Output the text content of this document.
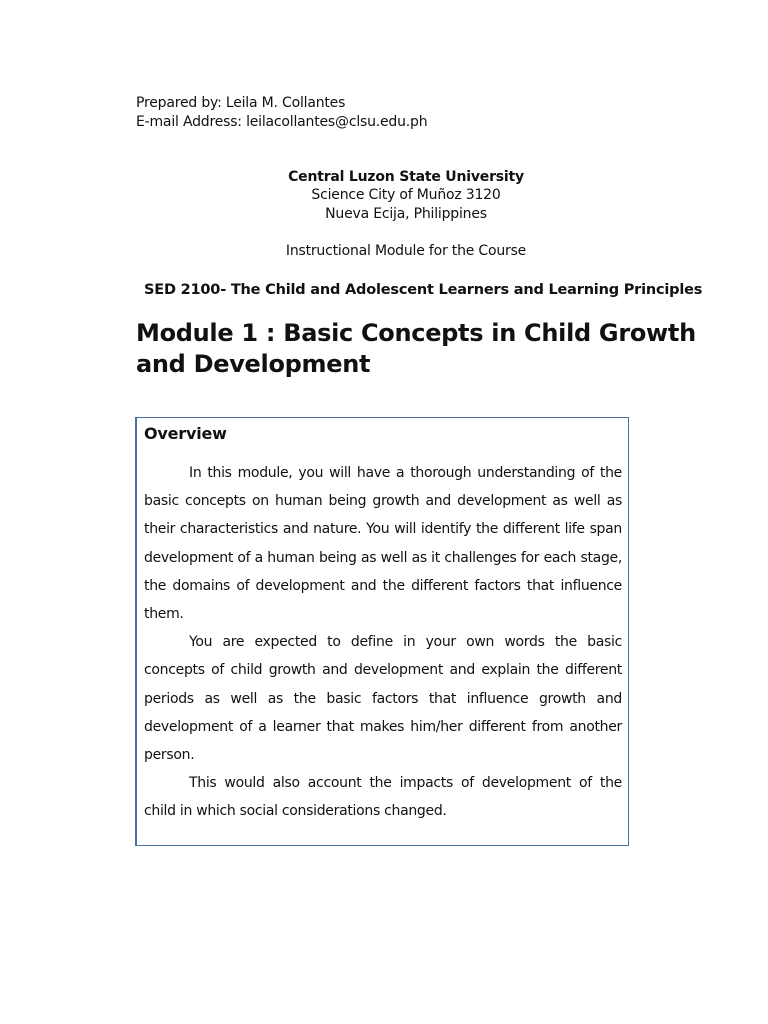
Prepared by: Leila M. Collantes
E-mail Address: leilacollantes@clsu.edu.ph
Central Luzon State University
Science City of Muñoz 3120
Nueva Ecija, Philippines
Instructional Module for the Course
SED 2100- The Child and Adolescent Learners and Learning Principles
Module 1 : Basic Concepts in Child Growth and Development
Overview

In this module, you will have a thorough understanding of the basic concepts on human being growth and development as well as their characteristics and nature. You will identify the different life span development of a human being as well as it challenges for each stage, the domains of development and the different factors that influence them.

You are expected to define in your own words the basic concepts of child growth and development and explain the different periods as well as the basic factors that influence growth and development of a learner that makes him/her different from another person.

This would also account the impacts of development of the child in which social considerations changed.
